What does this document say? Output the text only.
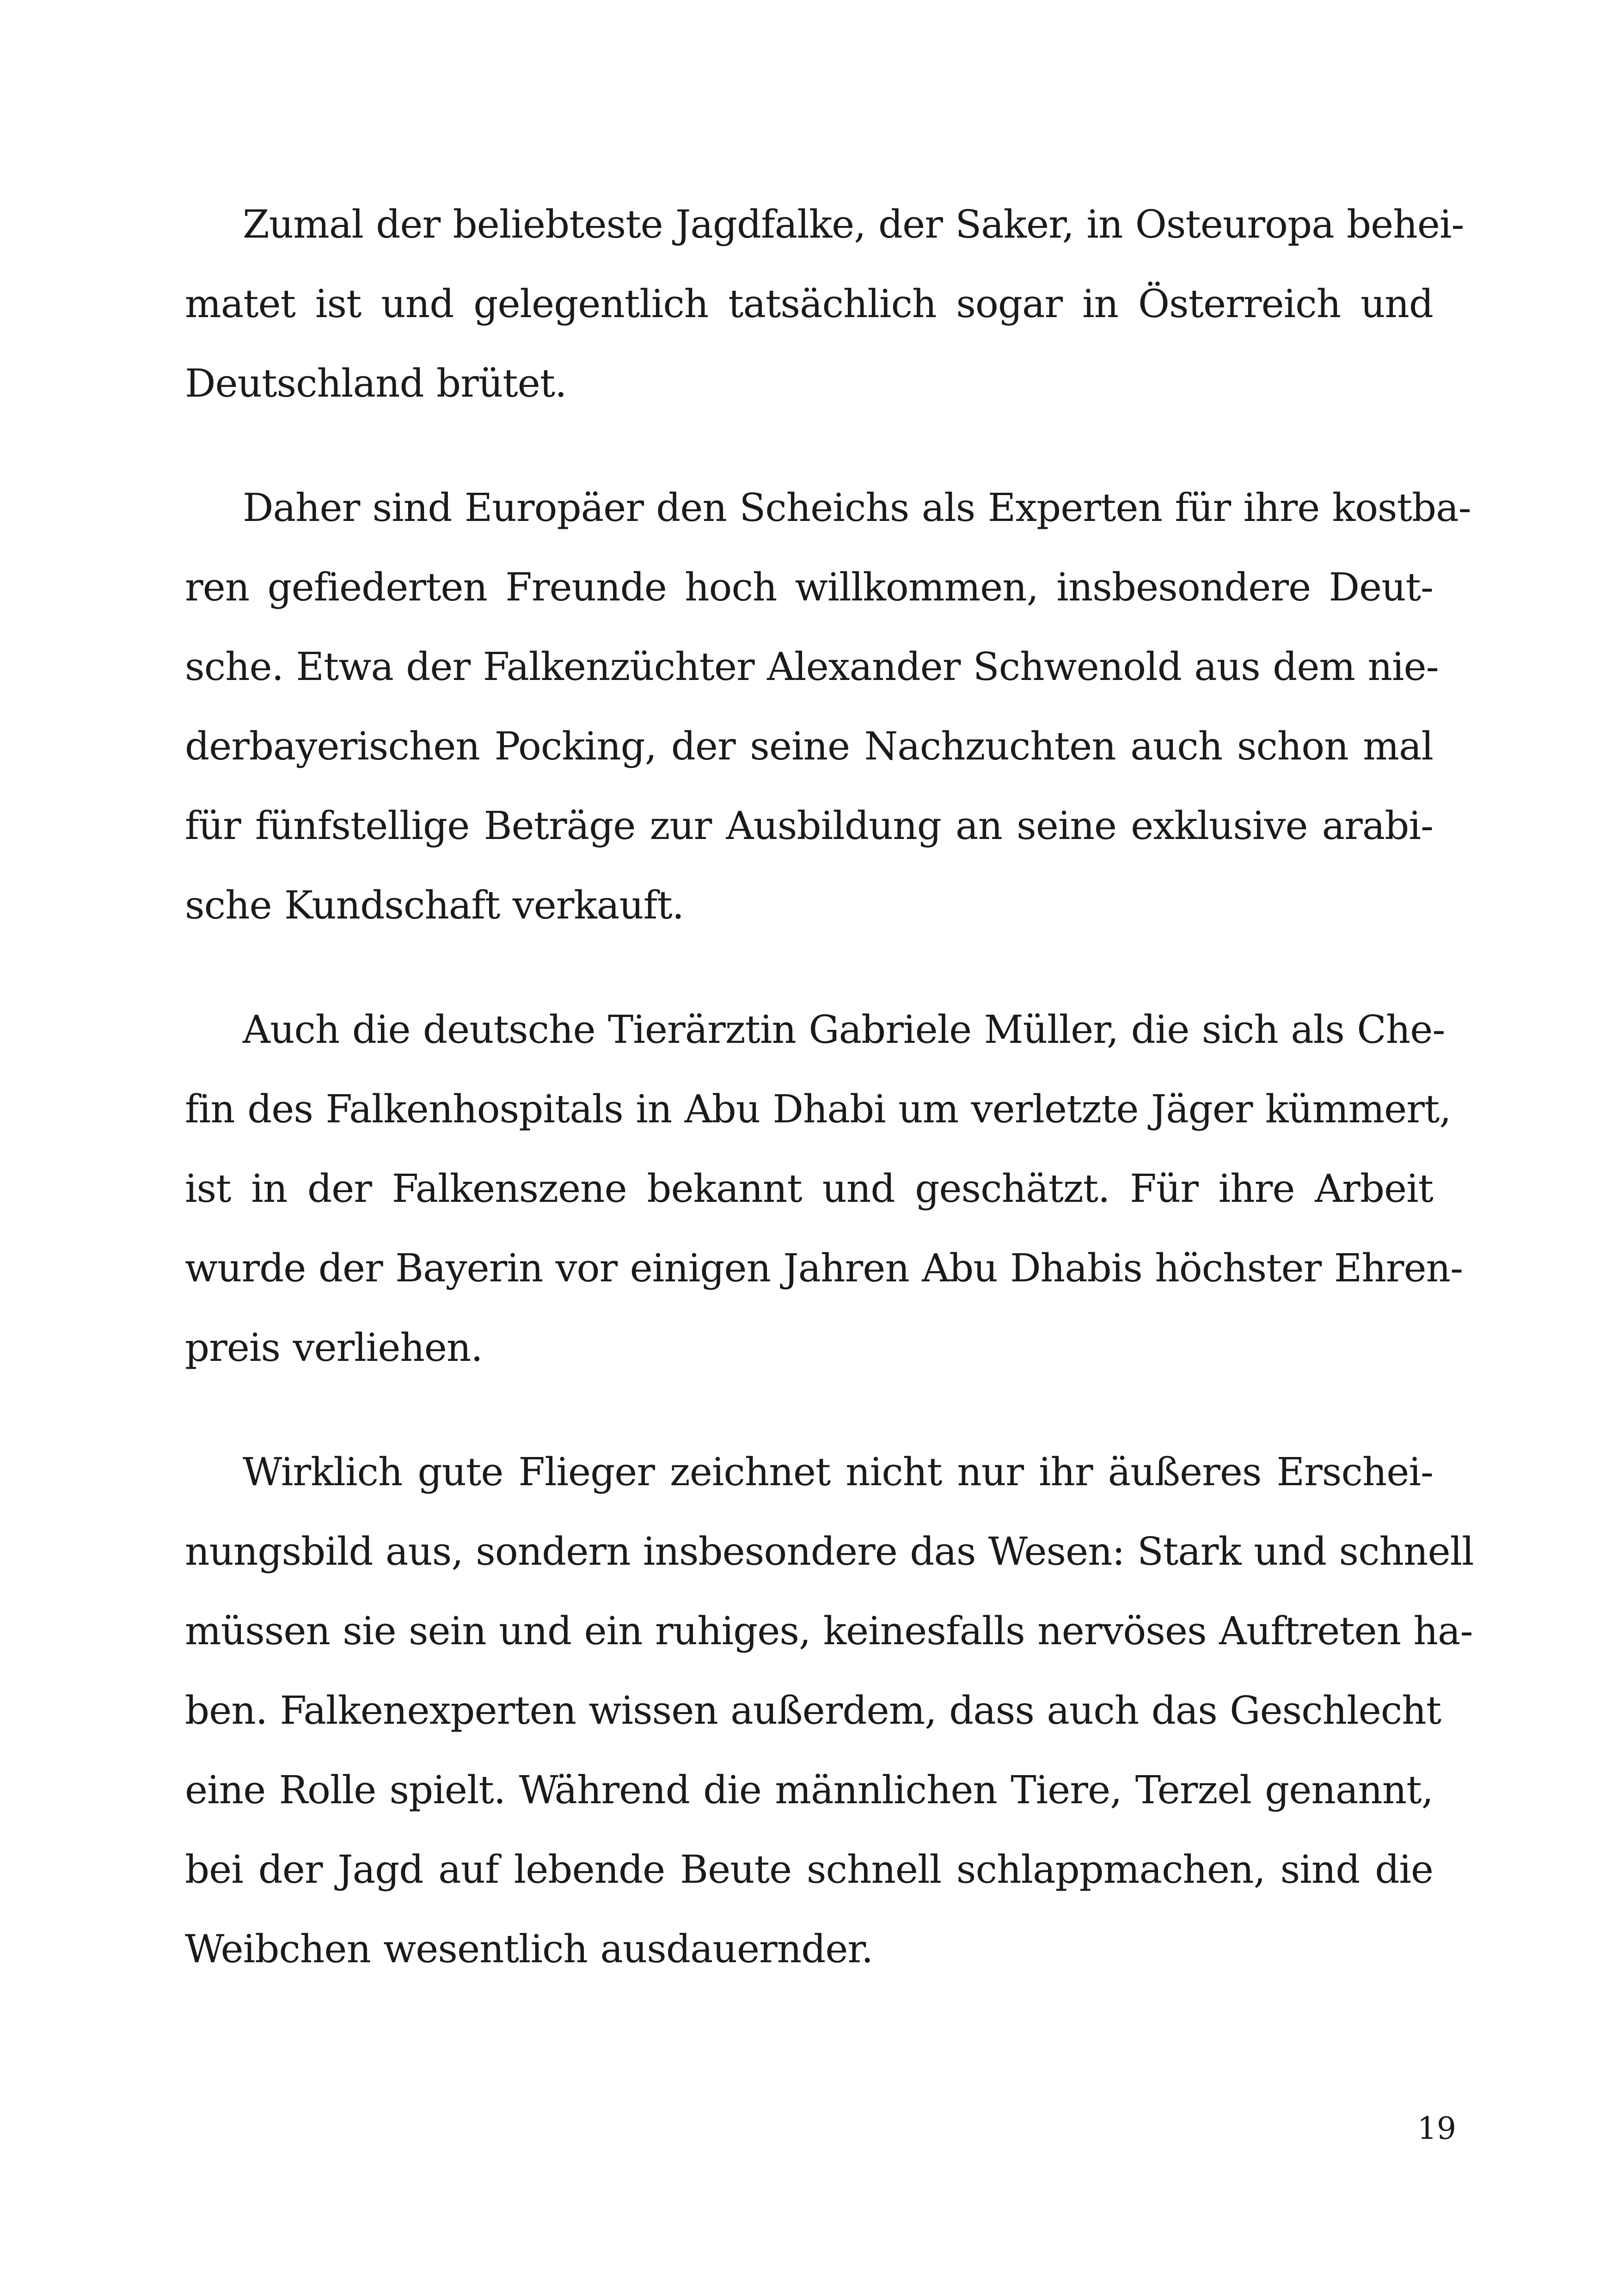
Zumal der beliebteste Jagdfalke, der Saker, in Osteuropa behei-
matet ist und gelegentlich tatsächlich sogar in Österreich und
Deutschland brütet.

Daher sind Europäer den Scheichs als Experten für ihre kostba-
ren gefiederten Freunde hoch willkommen, insbesondere Deut-
sche. Etwa der Falkenzüchter Alexander Schwenold aus dem nie-
derbayerischen Pocking, der seine Nachzuchten auch schon mal
für fünfstellige Beträge zur Ausbildung an seine exklusive arabi-
sche Kundschaft verkauft.

Auch die deutsche Tierärztin Gabriele Müller, die sich als Che-
fin des Falkenhospitals in Abu Dhabi um verletzte Jäger kümmert,
ist in der Falkenszene bekannt und geschätzt. Für ihre Arbeit
wurde der Bayerin vor einigen Jahren Abu Dhabis höchster Ehren-
preis verliehen.

Wirklich gute Flieger zeichnet nicht nur ihr äußeres Erschei-
nungsbild aus, sondern insbesondere das Wesen: Stark und schnell
müssen sie sein und ein ruhiges, keinesfalls nervöses Auftreten ha-
ben. Falkenexperten wissen außerdem, dass auch das Geschlecht
eine Rolle spielt. Während die männlichen Tiere, Terzel genannt,
bei der Jagd auf lebende Beute schnell schlappmachen, sind die
Weibchen wesentlich ausdauernder.

19
